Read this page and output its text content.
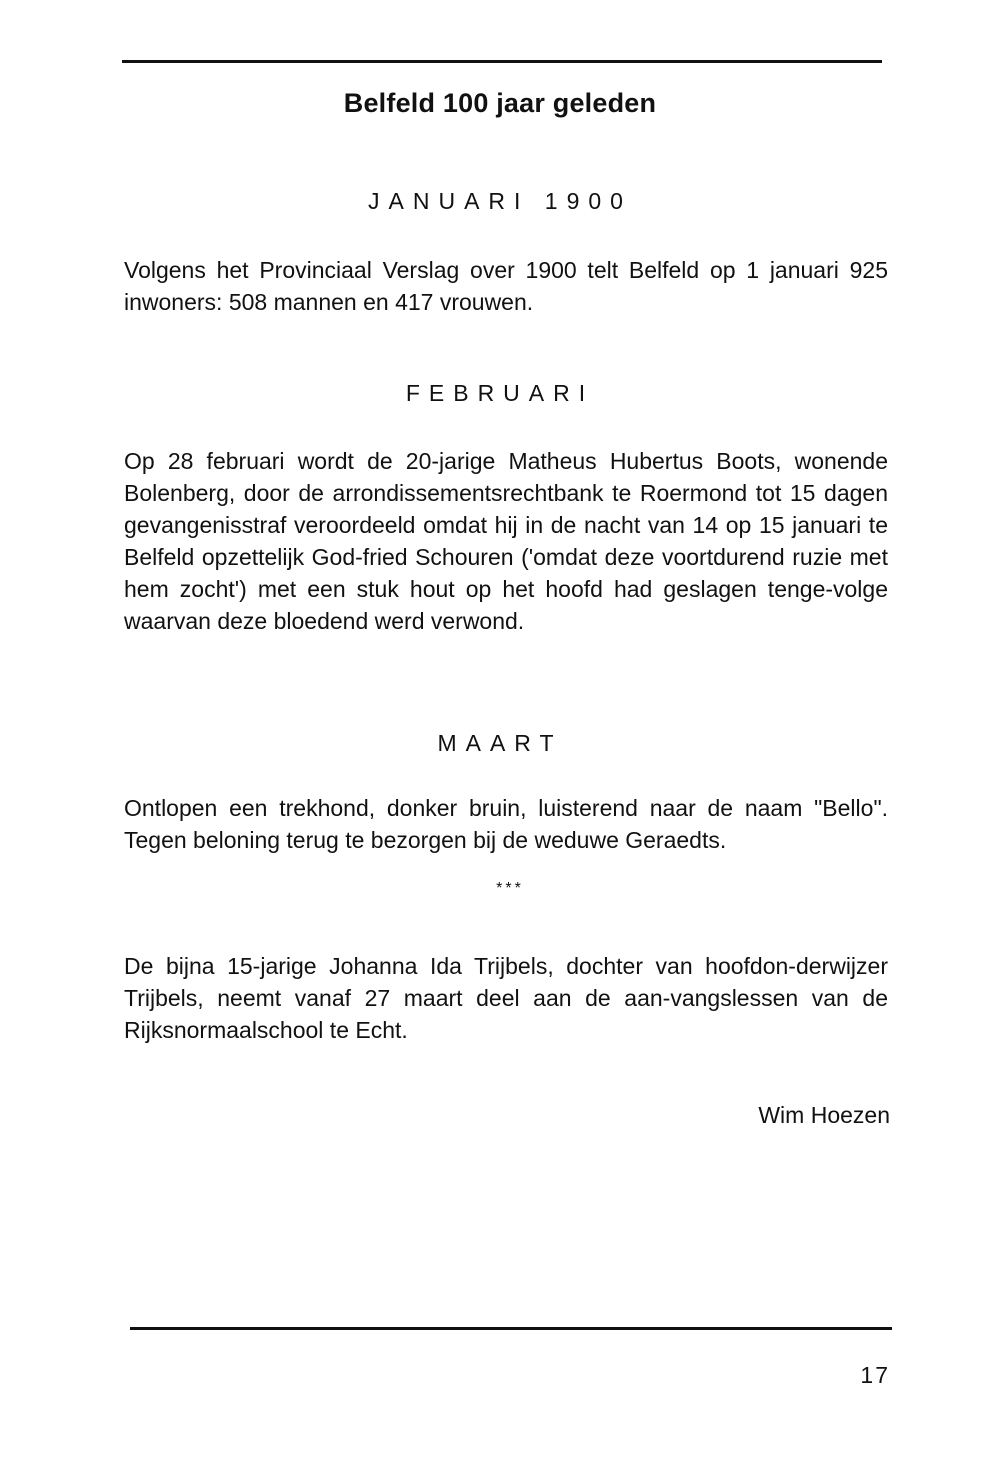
Belfeld 100 jaar geleden
JANUARI 1900

Volgens het Provinciaal Verslag over 1900 telt Belfeld op 1 januari 925 inwoners: 508 mannen en 417 vrouwen.

FEBRUARI

Op 28 februari wordt de 20-jarige Matheus Hubertus Boots, wonende Bolenberg, door de arrondissementsrechtbank te Roermond tot 15 dagen gevangenisstraf veroordeeld omdat hij in de nacht van 14 op 15 januari te Belfeld opzettelijk God-fried Schouren ('omdat deze voortdurend ruzie met hem zocht') met een stuk hout op het hoofd had geslagen tenge-volge waarvan deze bloedend werd verwond.

MAART

Ontlopen een trekhond, donker bruin, luisterend naar de naam "Bello". Tegen beloning terug te bezorgen bij de weduwe Geraedts.

***

De bijna 15-jarige Johanna Ida Trijbels, dochter van hoofdon-derwijzer Trijbels, neemt vanaf 27 maart deel aan de aan-vangslessen van de Rijksnormaalschool te Echt.

Wim Hoezen
17
